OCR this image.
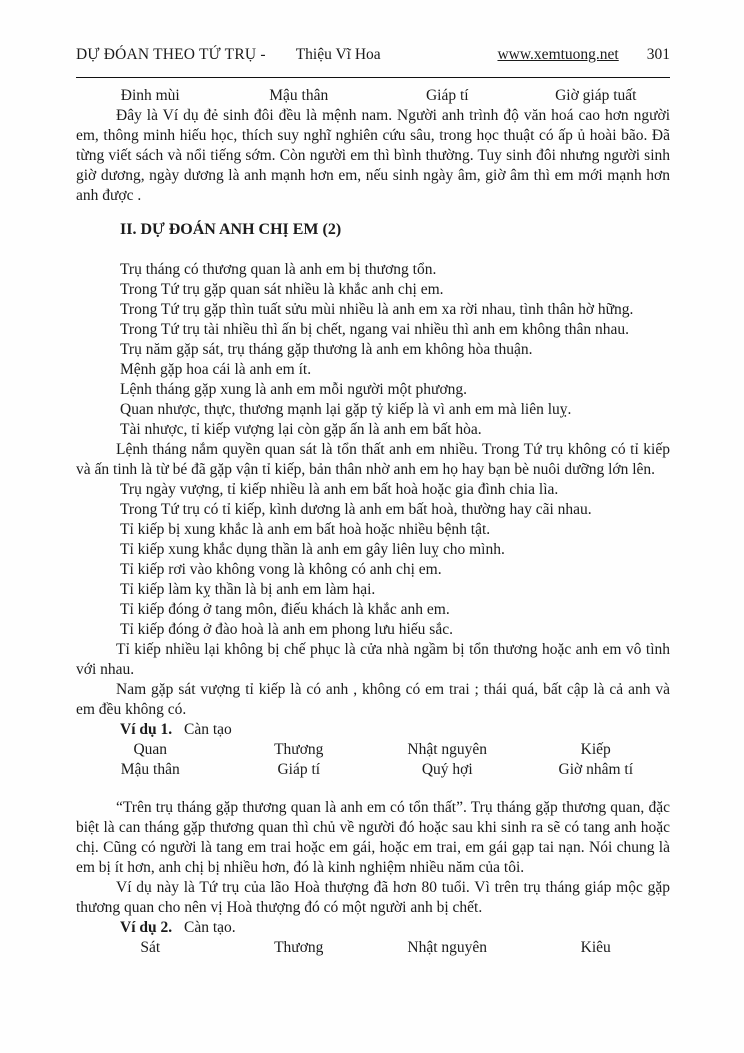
DỰ ĐÓAN THEO TỨ TRỤ - Thiệu Vĩ Hoa	www.xemtuong.net 301
Đinh mùi	Mậu thân	Giáp tí	Giờ giáp tuất

Đây là Ví dụ đẻ sinh đôi đều là mệnh nam. Người anh trình độ văn hoá cao hơn người em, thông minh hiếu học, thích suy nghĩ nghiên cứu sâu, trong học thuật có ấp ủ hoài bão. Đã từng viết sách và nổi tiếng sớm. Còn người em thì bình thường. Tuy sinh đôi nhưng người sinh giờ dương, ngày dương là anh mạnh hơn em, nếu sinh ngày âm, giờ âm thì em mới mạnh hơn anh được .

II. DỰ ĐOÁN ANH CHỊ EM (2)
Trụ tháng có thương quan là anh em bị thương tổn.
Trong Tứ trụ gặp quan sát nhiều là khắc anh chị em.
Trong Tứ trụ gặp thìn tuất sửu mùi nhiều là anh em xa rời nhau, tình thân hờ hững.
Trong Tứ trụ tài nhiều thì ấn bị chết, ngang vai nhiều thì anh em không thân nhau.
Trụ năm gặp sát, trụ tháng gặp thương là anh em không hòa thuận.
Mệnh gặp hoa cái là anh em ít.
Lệnh tháng gặp xung là anh em mỗi người một phương.
Quan nhược, thực, thương mạnh lại gặp tỷ kiếp là vì anh em mà liên luỵ.
Tài nhược, tỉ kiếp vượng lại còn gặp ấn là anh em bất hòa.

Lệnh tháng nắm quyền quan sát là tổn thất anh em nhiều. Trong Tứ trụ không có tỉ kiếp và ấn tinh là từ bé đã gặp vận tỉ kiếp, bản thân nhờ anh em họ hay bạn bè nuôi dưỡng lớn lên.

Trụ ngày vượng, tỉ kiếp nhiều là anh em bất hoà hoặc gia đình chia lìa.
Trong Tứ trụ có tỉ kiếp, kình dương là anh em bất hoà, thường hay cãi nhau.
Tỉ kiếp bị xung khắc là anh em bất hoà hoặc nhiều bệnh tật.
Tỉ kiếp xung khắc dụng thần là anh em gây liên luỵ cho mình.
Tỉ kiếp rơi vào không vong là không có anh chị em.
Tỉ kiếp làm kỵ thần là bị anh em làm hại.
Tỉ kiếp đóng ở tang môn, điếu khách là khắc anh em.
Tỉ kiếp đóng ở đào hoà là anh em phong lưu hiếu sắc.

Tỉ kiếp nhiều lại không bị chế phục là cửa nhà ngầm bị tổn thương hoặc anh em vô tình với nhau.

Nam gặp sát vượng tỉ kiếp là có anh , không có em trai ; thái quá, bất cập là cả anh và em đều không có.

Ví dụ 1. Càn tạo
Quan	Thương	Nhật nguyên	Kiếp
Mậu thân	Giáp tí	Quý hợi	Giờ nhâm tí

“Trên trụ tháng gặp thương quan là anh em có tổn thất”. Trụ tháng gặp thương quan, đặc biệt là can tháng gặp thương quan thì chủ về người đó hoặc sau khi sinh ra sẽ có tang anh hoặc chị. Cũng có người là tang em trai hoặc em gái, hoặc em trai, em gái gạp tai nạn. Nói chung là em bị ít hơn, anh chị bị nhiều hơn, đó là kinh nghiệm nhiều năm của tôi.

Ví dụ này là Tứ trụ của lão Hoà thượng đã hơn 80 tuổi. Vì trên trụ tháng giáp mộc gặp thương quan cho nên vị Hoà thượng đó có một người anh bị chết.

Ví dụ 2. Càn tạo.
Sát	Thương	Nhật nguyên	Kiêu
